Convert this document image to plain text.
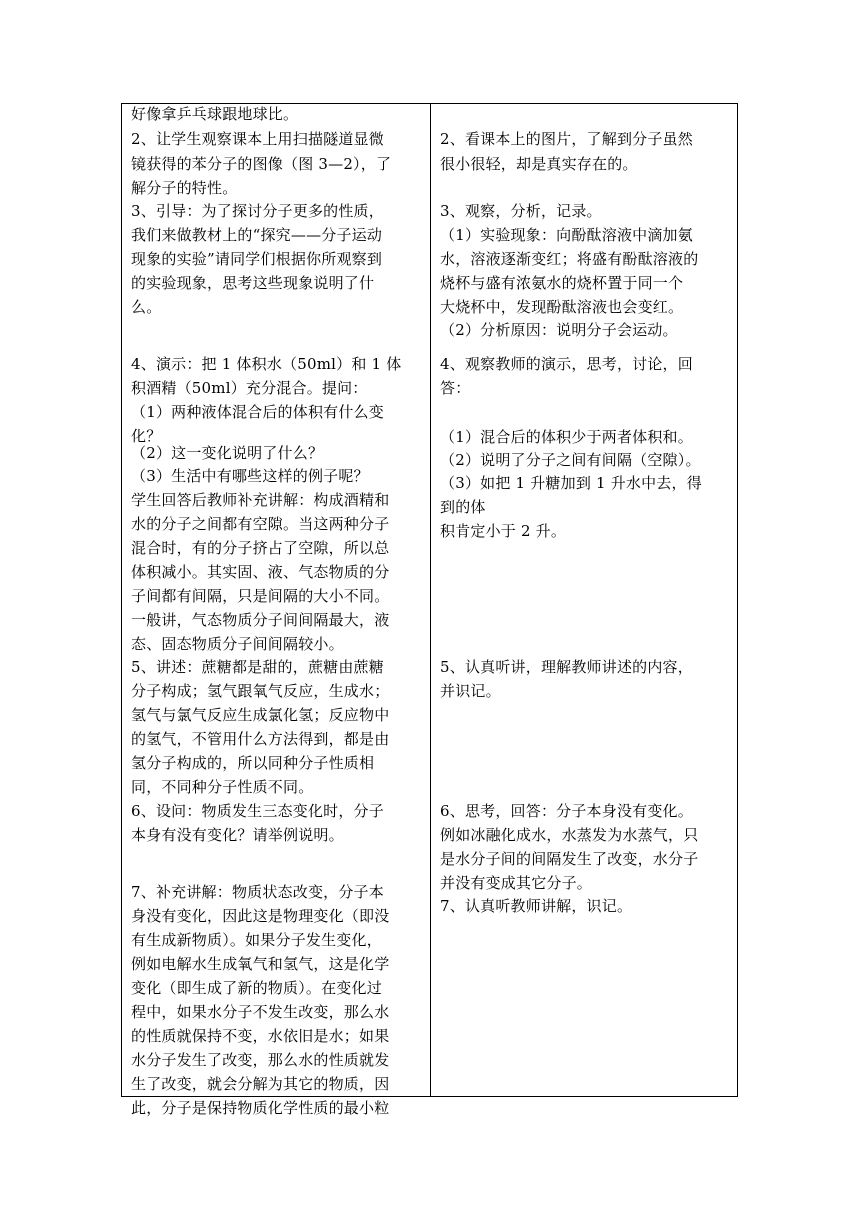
好像拿乒乓球跟地球比。
2、让学生观察课本上用扫描隧道显微
镜获得的苯分子的图像（图 3—2），了
解分子的特性。
3、引导：为了探讨分子更多的性质，
我们来做教材上的“探究——分子运动
现象的实验”请同学们根据你所观察到
的实验现象，思考这些现象说明了什
么。
4、演示：把 1 体积水（50ml）和 1 体
积酒精（50ml）充分混合。提问：
（1）两种液体混合后的体积有什么变
化？
（2）这一变化说明了什么？
（3）生活中有哪些这样的例子呢？
学生回答后教师补充讲解：构成酒精和
水的分子之间都有空隙。当这两种分子
混合时，有的分子挤占了空隙，所以总
体积减小。其实固、液、气态物质的分
子间都有间隔，只是间隔的大小不同。
一般讲，气态物质分子间间隔最大，液
态、固态物质分子间间隔较小。
5、讲述：蔗糖都是甜的，蔗糖由蔗糖
分子构成；氢气跟氧气反应，生成水；
氢气与氯气反应生成氯化氢；反应物中
的氢气，不管用什么方法得到，都是由
氢分子构成的，所以同种分子性质相
同，不同种分子性质不同。
6、设问：物质发生三态变化时，分子
本身有没有变化？请举例说明。
7、补充讲解：物质状态改变，分子本
身没有变化，因此这是物理变化（即没
有生成新物质）。如果分子发生变化，
例如电解水生成氧气和氢气，这是化学
变化（即生成了新的物质）。在变化过
程中，如果水分子不发生改变，那么水
的性质就保持不变，水依旧是水；如果
水分子发生了改变，那么水的性质就发
生了改变，就会分解为其它的物质，因
此，分子是保持物质化学性质的最小粒
2、看课本上的图片，了解到分子虽然
很小很轻，却是真实存在的。
3、观察，分析，记录。
（1）实验现象：向酚酞溶液中滴加氨
水，溶液逐渐变红；将盛有酚酞溶液的
烧杯与盛有浓氨水的烧杯置于同一个
大烧杯中，发现酚酞溶液也会变红。
（2）分析原因：说明分子会运动。
4、观察教师的演示，思考，讨论，回
答：
（1）混合后的体积少于两者体积和。
（2）说明了分子之间有间隔（空隙）。
（3）如把 1 升糖加到 1 升水中去，得
到的体
积肯定小于 2 升。
5、认真听讲，理解教师讲述的内容，
并识记。
6、思考，回答：分子本身没有变化。
例如冰融化成水，水蒸发为水蒸气，只
是水分子间的间隔发生了改变，水分子
并没有变成其它分子。
7、认真听教师讲解，识记。
